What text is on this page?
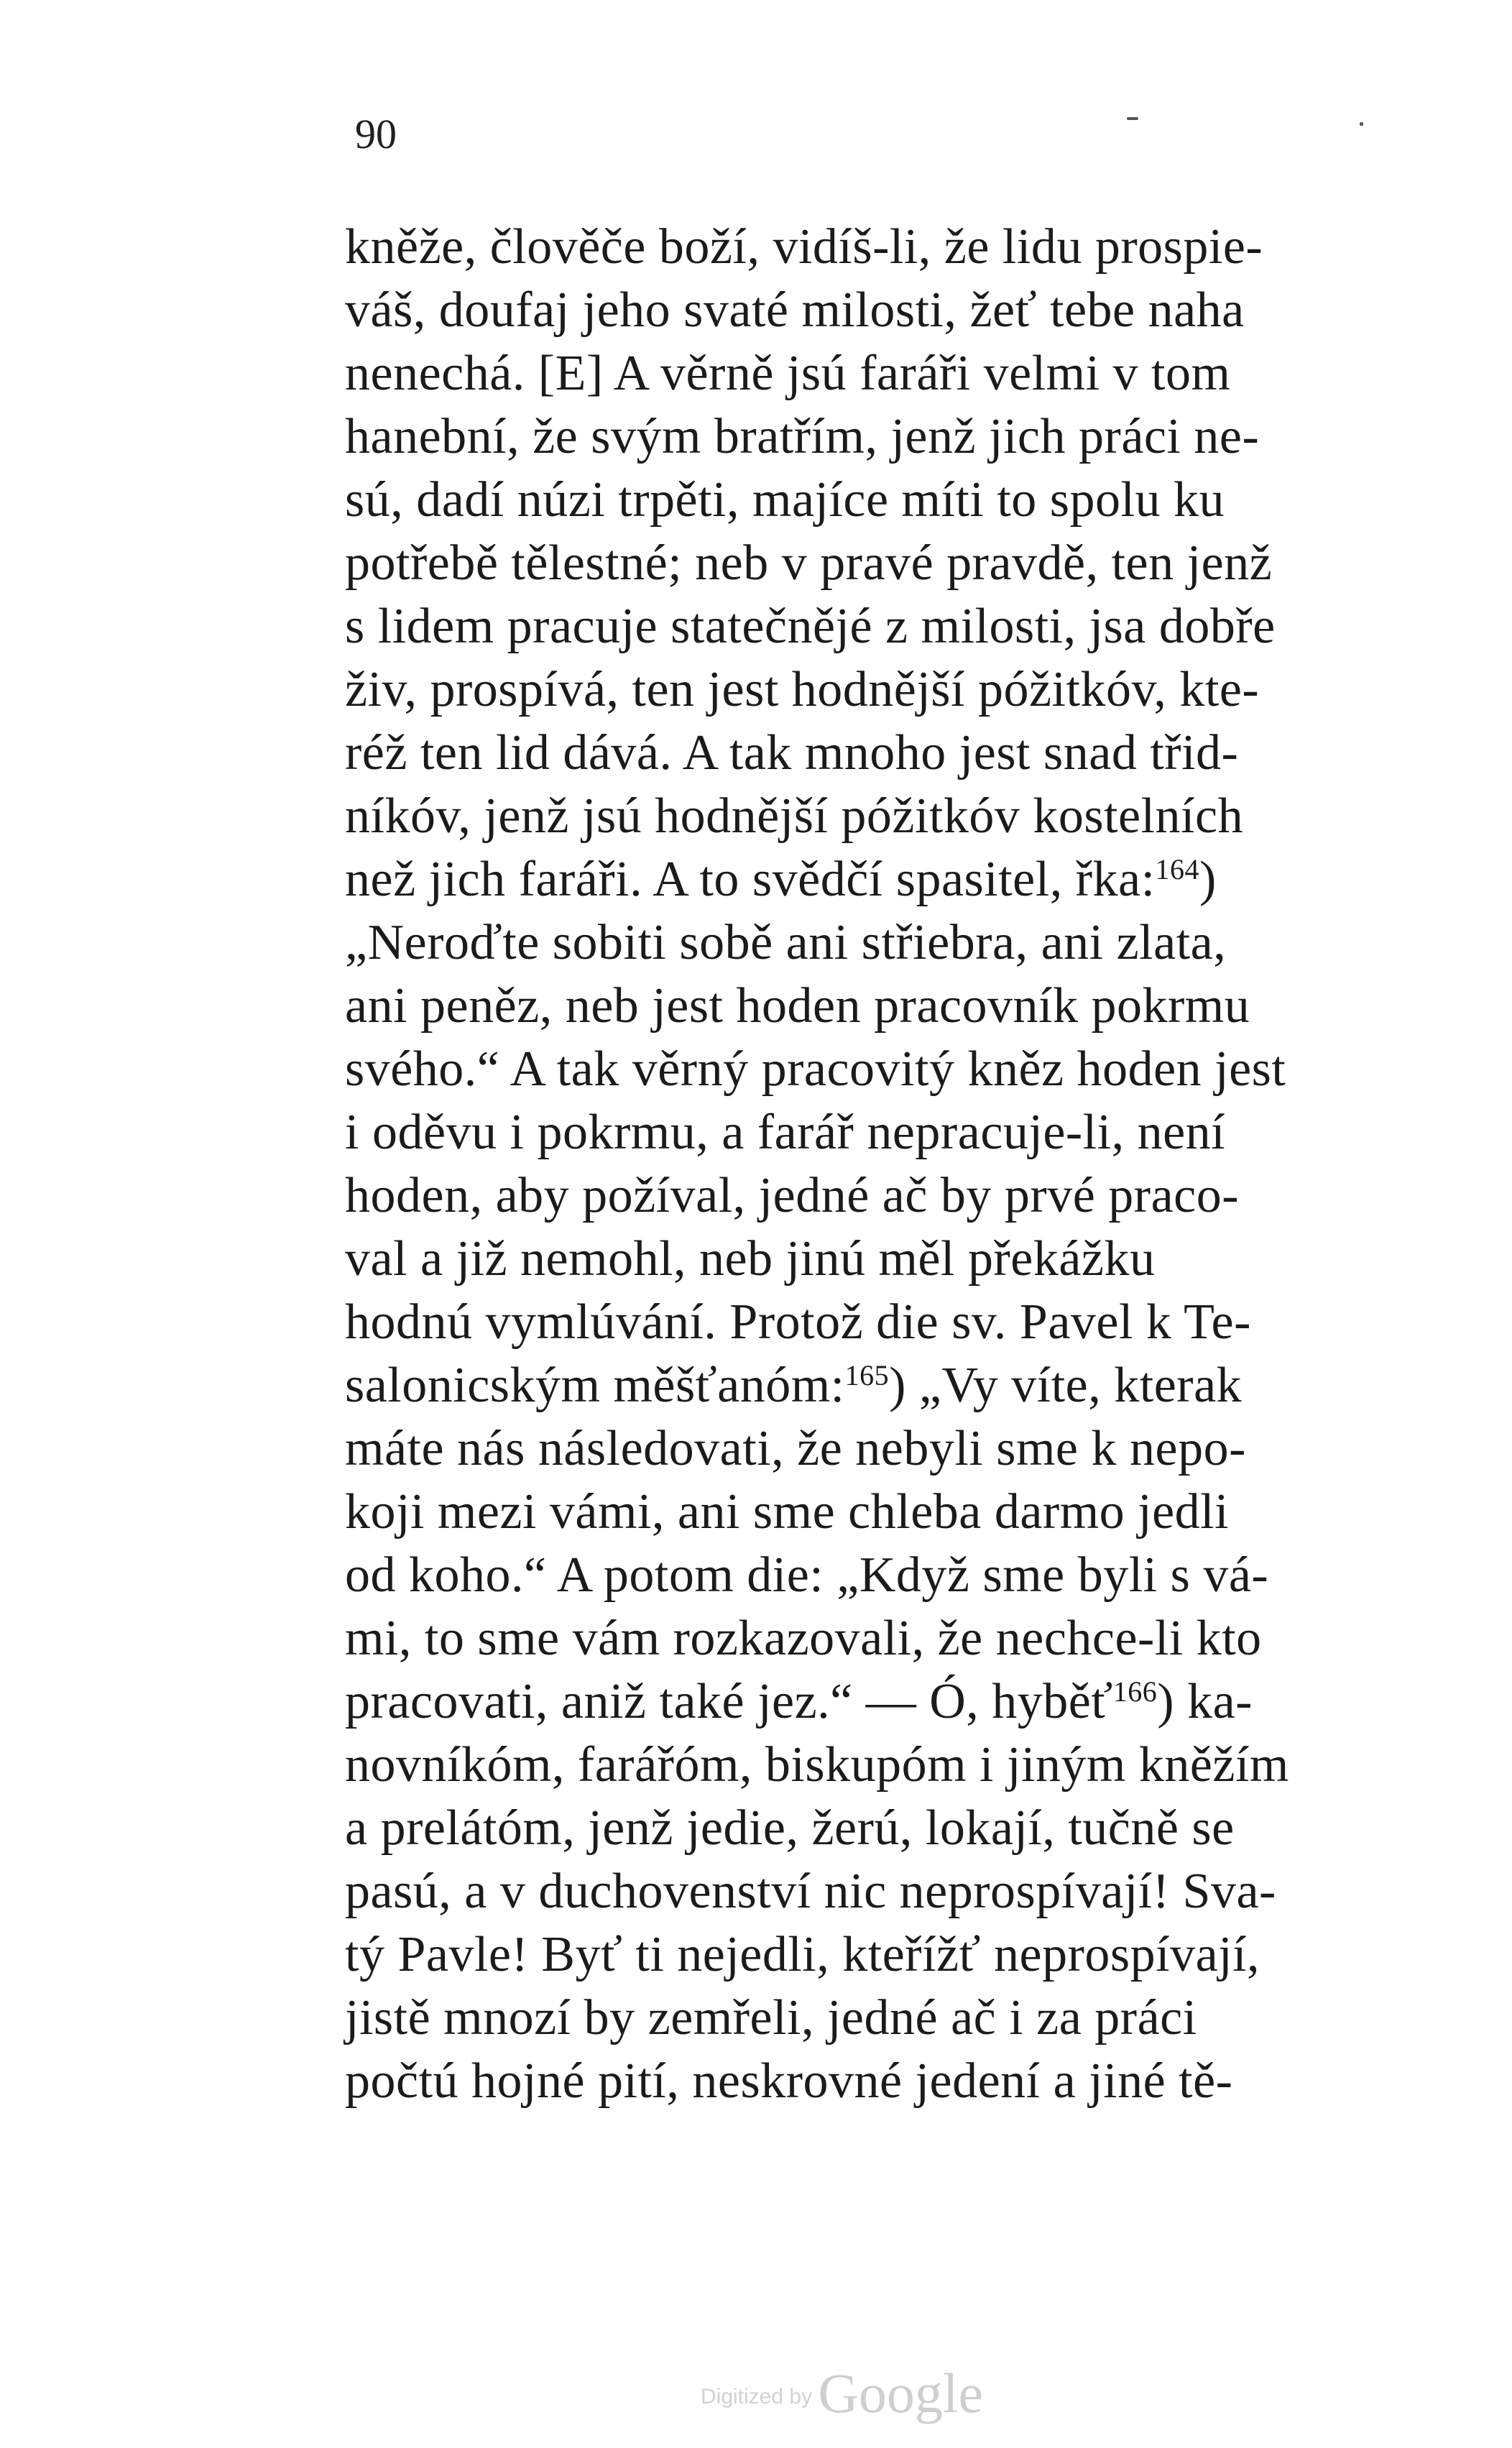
90
kněže, člověče boží, vidíš-li, že lidu prospie-
váš, doufaj jeho svaté milosti, žeť tebe naha
nenechá. [E] A věrně jsú faráři velmi v tom
hanební, že svým bratřím, jenž jich práci ne-
sú, dadí núzi trpěti, majíce míti to spolu ku
potřebě tělestné; neb v pravé pravdě, ten jenž
s lidem pracuje statečnějé z milosti, jsa dobře
živ, prospívá, ten jest hodnější póžitkóv, kte-
réž ten lid dává. A tak mnoho jest snad třid-
níkóv, jenž jsú hodnější póžitkóv kostelních
než jich faráři. A to svědčí spasitel, řka:$^{164}$)
„Neroďte sobiti sobě ani střiebra, ani zlata,
ani peněz, neb jest hoden pracovník pokrmu
svého.“ A tak věrný pracovitý kněz hoden jest
i oděvu i pokrmu, a farář nepracuje-li, není
hoden, aby požíval, jedné ač by prvé praco-
val a již nemohl, neb jinú měl překážku
hodnú vymlúvání. Protož die sv. Pavel k Te-
salonicským měšťanóm:$^{165}$) „Vy víte, kterak
máte nás následovati, že nebyli sme k nepo-
koji mezi vámi, ani sme chleba darmo jedli
od koho.“ A potom die: „Když sme byli s vá-
mi, to sme vám rozkazovali, že nechce-li kto
pracovati, aniž také jez.“ — Ó, hyběť$^{166}$) ka-
novníkóm, farářóm, biskupóm i jiným kněžím
a prelátóm, jenž jedie, žerú, lokají, tučně se
pasú, a v duchovenství nic neprospívají! Sva-
tý Pavle! Byť ti nejedli, kteřížť neprospívají,
jistě mnozí by zemřeli, jedné ač i za práci
počtú hojné pití, neskrovné jedení a jiné tě-
Digitized by Google
